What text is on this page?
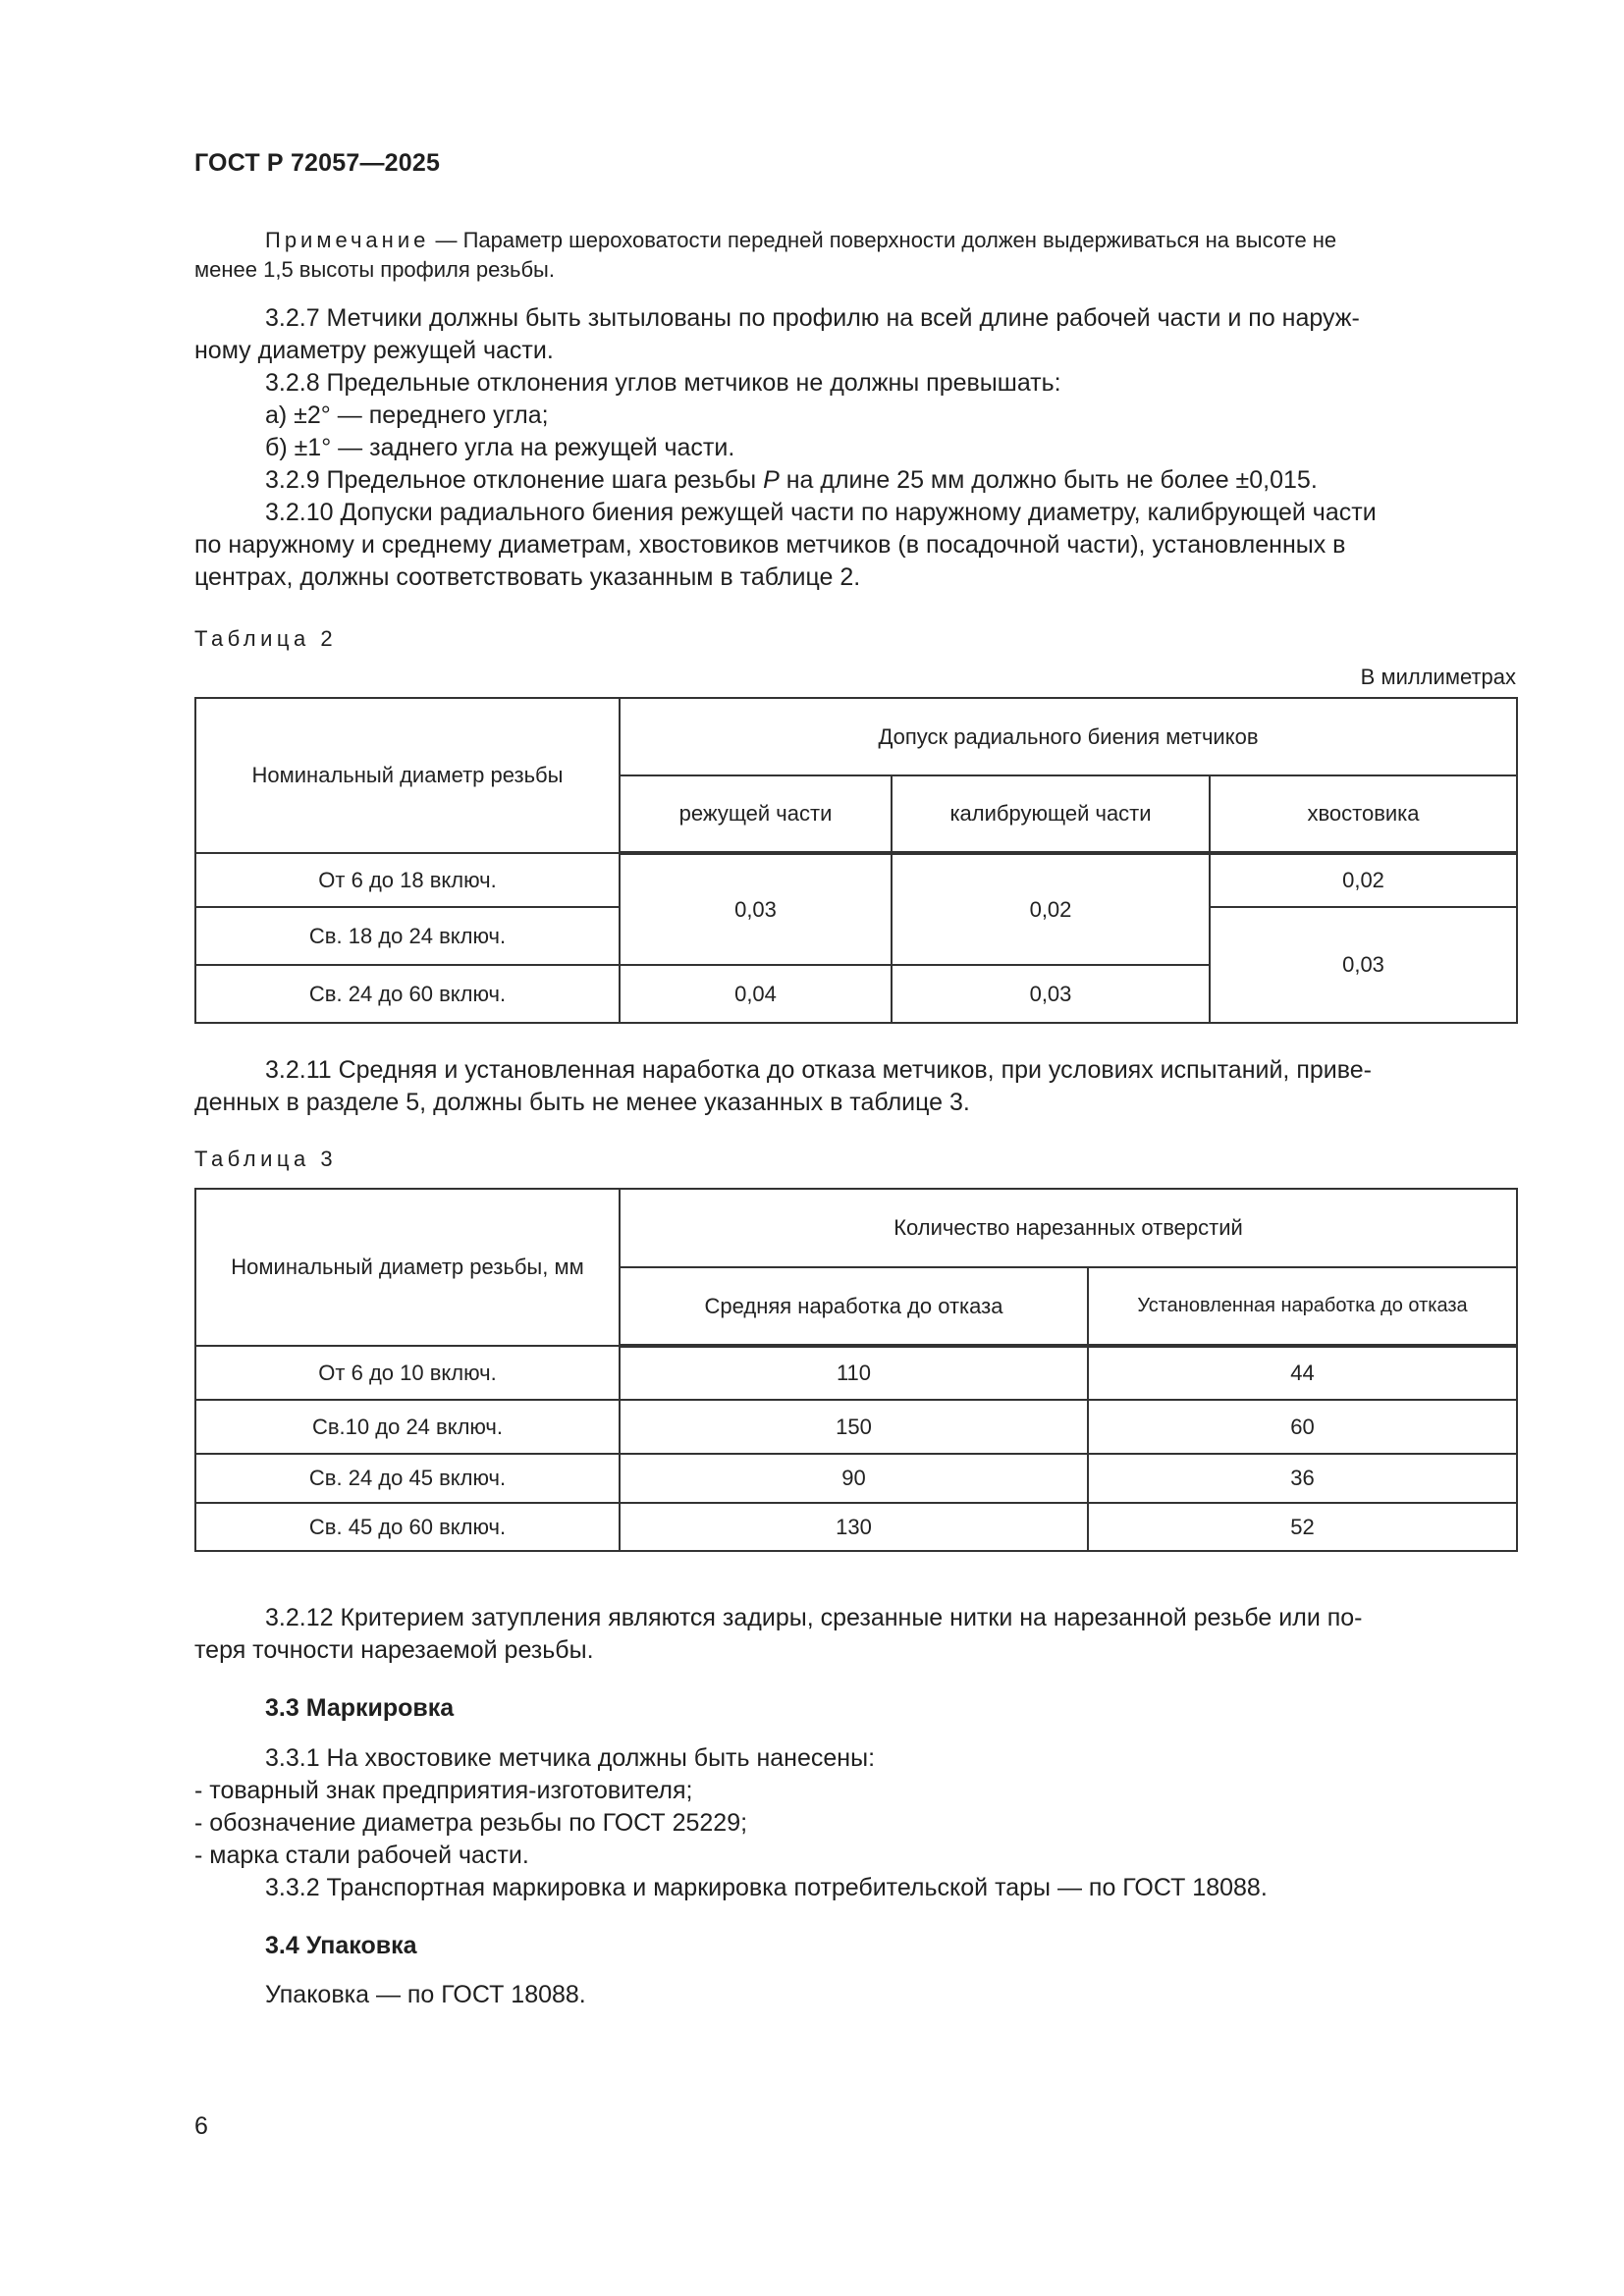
ГОСТ Р 72057—2025
Примечание — Параметр шероховатости передней поверхности должен выдерживаться на высоте не
менее 1,5 высоты профиля резьбы.
3.2.7 Метчики должны быть зытылованы по профилю на всей длине рабочей части и по наруж-
ному диаметру режущей части.
3.2.8 Предельные отклонения углов метчиков не должны превышать:
а) ±2° — переднего угла;
б) ±1° — заднего угла на режущей части.
3.2.9 Предельное отклонение шага резьбы P на длине 25 мм должно быть не более ±0,015.
3.2.10 Допуски радиального биения режущей части по наружному диаметру, калибрующей части
по наружному и среднему диаметрам, хвостовиков метчиков (в посадочной части), установленных в
центрах, должны соответствовать указанным в таблице 2.
Таблица 2
В миллиметрах
Номинальный диаметр резьбы	Допуск радиального биения метчиков		
	режущей части	калибрующей части	хвостовика
От 6 до 18 включ.	0,03	0,02	0,02
Св. 18 до 24 включ.			0,03
Св. 24 до 60 включ.	0,04	0,03	
3.2.11 Средняя и установленная наработка до отказа метчиков, при условиях испытаний, приве-
денных в разделе 5, должны быть не менее указанных в таблице 3.
Таблица 3
Номинальный диаметр резьбы, мм	Количество нарезанных отверстий	
	Средняя наработка до отказа	Установленная наработка до отказа
От 6 до 10 включ.	110	44
Св.10 до 24 включ.	150	60
Св. 24 до 45 включ.	90	36
Св. 45 до 60 включ.	130	52
3.2.12 Критерием затупления являются задиры, срезанные нитки на нарезанной резьбе или по-
теря точности нарезаемой резьбы.
3.3 Маркировка
3.3.1 На хвостовике метчика должны быть нанесены:
- товарный знак предприятия-изготовителя;
- обозначение диаметра резьбы по ГОСТ 25229;
- марка стали рабочей части.
3.3.2 Транспортная маркировка и маркировка потребительской тары — по ГОСТ 18088.
3.4 Упаковка
Упаковка — по ГОСТ 18088.
6
